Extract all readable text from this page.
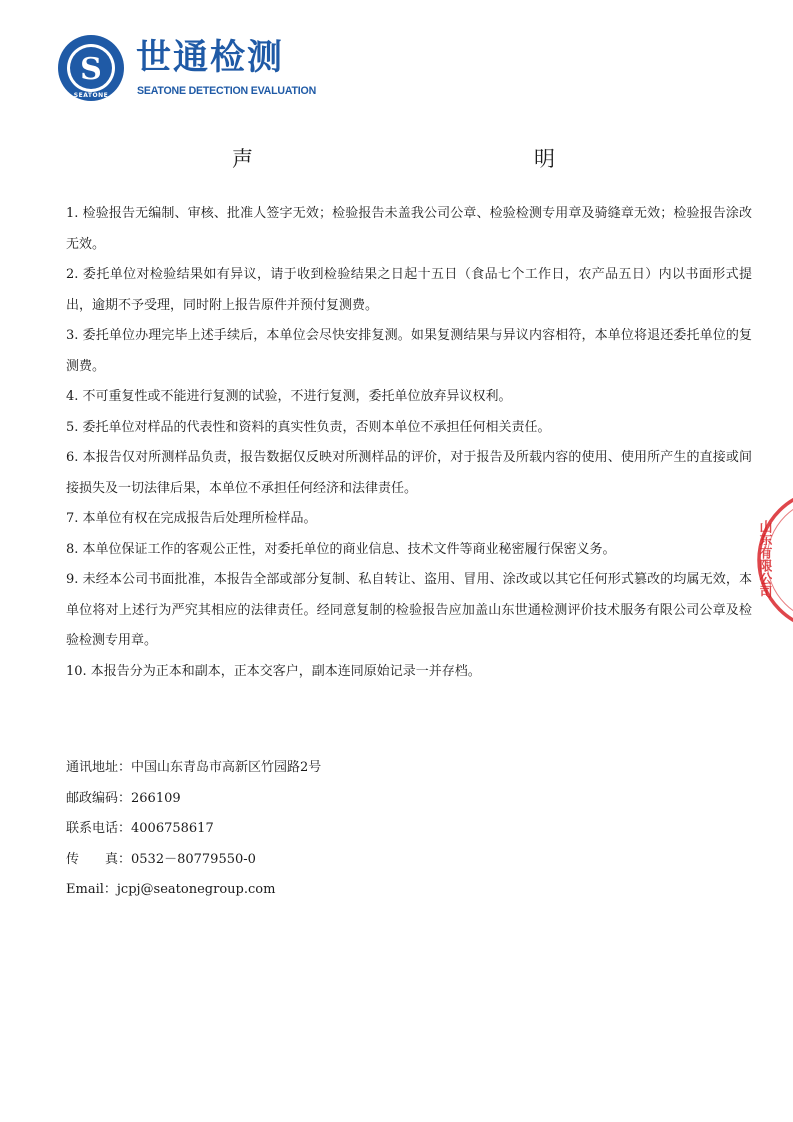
S
SEATONE
世通检测
SEATONE DETECTION EVALUATION
声	明

1. 检验报告无编制、审核、批准人签字无效；检验报告未盖我公司公章、检验检测专用章及骑缝章无效；检验报告涂改无效。

2. 委托单位对检验结果如有异议，请于收到检验结果之日起十五日（食品七个工作日，农产品五日）内以书面形式提出，逾期不予受理，同时附上报告原件并预付复测费。

3. 委托单位办理完毕上述手续后，本单位会尽快安排复测。如果复测结果与异议内容相符，本单位将退还委托单位的复测费。

4. 不可重复性或不能进行复测的试验，不进行复测，委托单位放弃异议权利。

5. 委托单位对样品的代表性和资料的真实性负责，否则本单位不承担任何相关责任。

6. 本报告仅对所测样品负责，报告数据仅反映对所测样品的评价，对于报告及所载内容的使用、使用所产生的直接或间接损失及一切法律后果，本单位不承担任何经济和法律责任。

7. 本单位有权在完成报告后处理所检样品。

8. 本单位保证工作的客观公正性，对委托单位的商业信息、技术文件等商业秘密履行保密义务。

9. 未经本公司书面批准，本报告全部或部分复制、私自转让、盗用、冒用、涂改或以其它任何形式篡改的均属无效，本单位将对上述行为严究其相应的法律责任。经同意复制的检验报告应加盖山东世通检测评价技术服务有限公司公章及检验检测专用章。

10. 本报告分为正本和副本，正本交客户，副本连同原始记录一并存档。

通讯地址：中国山东青岛市高新区竹园路2号
邮政编码：266109
联系电话：4006758617
传　　真：0532－80779550-0
Email：jcpj@seatonegroup.com
山东有限公司
